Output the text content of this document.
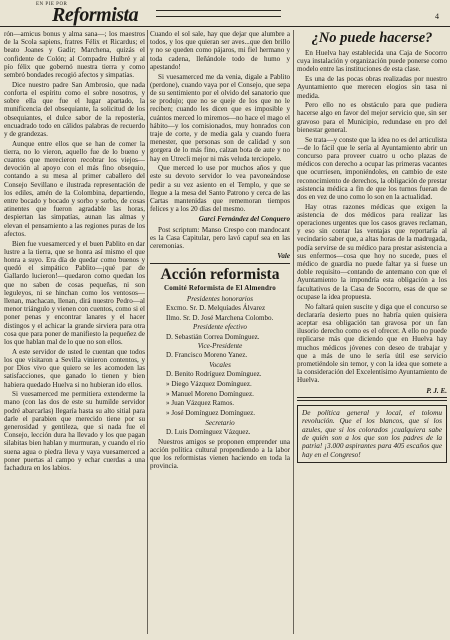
EN PIE POR
Reformista	4

rón—amicus bonus y alma sana—; los maestros de la Scola sapiens, fratres Félix et Ricardus; el beato Joanes y Gadir; Marchena, quizás el confidente de Colón; al Compadre Hulbré y al pío félix que gobernó nuestra tierra y como sembró bondades recogió afectos y simpatías.

Dice nuestro padre San Ambrosio, que nada conforta el espíritu como el sobre nosotros, y sobre ella que fue el lugar apartado, la munificencia del obsequiante, la solicitud de los obsequiantes, el dulce sabor de la repostería, encuadrado todo en cálidos palabras de recuerdo y de grandezas.

Aunque entre ellos que se han de comer la tierra, no lo vieron, aquello fue de lo bueno y cuantos que merecieron recobrar los viejos—devoción al apoyo con el más fino obsequio, contando a su mesa al primer caballero del Consejo Sevillano e ilustrada representación de los ediles, amén de la Colombina, departiendo, entre bocado y bocado y sorbo y sorbo, de cosas atinentes que fueron agradable las horas, despiertan las simpatías, aunan las almas y elevan el pensamiento a las regiones puras de los afectos.

Bien fue vuesamerced y el buen Pablito en dar lustre a la tierra, que se honra así mismo el que honra a suyo. Era día de quedar como buenos y quedó el simpático Pablito—¡qué par de Gallardo lucieron!—quedaron como quedan los que no saben de cosas pequeñas, ni son leguleyos, ni se hinchan como los ventosos—llenan, machacan, llenan, dirá nuestro Pedro—al menor triángulo y vienen con cuentos, como si el poner penas y encontrar lanares y el hacer distingos y el achicar la grande sirviera para otra cosa que para poner de manifiesto la pequeñez de los que hablan mal de lo que no son ellos.

A este servidor de usted le cuentan que todos los que visitaron a Sevilla vinieron contentos, y por Dios vivo que quiero se les acomoden las satisfacciones, que ganado lo tienen y bien habiera quedado Huelva si no hubieran ido ellos.

Si vuesamerced me permitiera extenderme la mano (con las dos de este su humilde servidor podré abarcarlas) llegaría hasta su alto sitial para darle el parabien que merecido tiene por su generosidad y gentileza, que si nada fue el Consejo, lección dura ha llevado y los que pagan silabitas bien hablan y murmuran, y cuando el río suena agua o piedra lleva y vaya vuesamerced a poner puertas al campo y echar cuerdas a una fachadura en los labios.

Cuando el sol sale, hay que dejar que alumbre a todos, y los que quieran ser aves...que den brillo y no se queden como pájaros, mi fiel hermano y toda cadena, lleñándole todo de humo y apestando!

Si vuesamerced me da venia, digale a Pablito (perdone), cuando vaya por el Consejo, que sepa de su sentimiento por el olvido del sanatorio que se produjo; que no se queje de los que no le reciben; cuando les dicen que es imposible y cuántos merced lo miremos—no hace el mago el hábito—y los comisionados, muy honrados con traje de corte, y de media gala y cuando fuera menester, que personas son de calidad y son gorgera de lo más fino, calzan bota de aute y no hay en Utrecli mejor ni más veluda terciopelo.

Que merced lo use por muchos años y que este su devoto servidor lo vea pavoneándose pedir a su vez asiento en el Templo, y que se llegue a la mesa del Santo Patrono y cerca de las Cartas mantenidas que rememoran tiempos felices y a los 20 días del mesmo.

Garci Fernández del Conquero

Post scriptum: Manso Crespo con mandocant es la Casa Capitular, pero lavó capuf sea en las ceremonias.

Vale
Acción reformista
Comité Reformista de El Almendro
Presidentes honorarios

Excmo. Sr. D. Melquíades Álvarez

Ilmo. Sr. D. José Marchena Colombo.

Presidente efectivo

D. Sebastián Correa Domínguez.

Vice-Presidente

D. Francisco Moreno Yanez.

Vocales

D. Benito Rodríguez Domínguez.

» Diego Vázquez Domínguez.

» Manuel Moreno Domínguez.

» Juan Vázquez Ramos.

» José Domínguez Domínguez.

Secretario

D. Luis Domínguez Vázquez.

Nuestros amigos se proponen emprender una acción política cultural propendiendo a la labor que los reformistas vienen haciendo en toda la provincia.

¿No puede hacerse?

En Huelva hay establecida una Caja de Socorro cuya instalación y organización puede ponerse como modelo entre las instituciones de esta clase.

Es una de las pocas obras realizadas por nuestro Ayuntamiento que merecen elogios sin tasa ni medida.

Pero ello no es obstáculo para que pudiera hacerse algo en favor del mejor servicio que, sin ser gravoso para el Municipio, redundase en pro del bienestar general.

Se trata—y conste que la idea no es del articulista—de lo fácil que le sería al Ayuntamiento abrir un concurso para proveer cuatro u ocho plazas de médicos con derecho a ocupar las primeras vacantes que ocurriesen, imponiéndoles, en cambio de este reconocimiento de derechos, la obligación de prestar asistencia médica a fin de que los turnos fueran de dos en vez de uno como lo son en la actualidad.

Hay otras razones médicas que exigen la asistencia de dos médicos para realizar las operaciones urgentes que los casos graves reclaman, y eso sin contar las ventajas que reportaría al vecindario saber que, a altas horas de la madrugada, podía servirse de su médico para prestar asistencia a sus enfermos—cosa que hoy no sucede, pues el médico de guardia no puede faltar ya si fuese un doble requisito—contando de antemano con que el Ayuntamiento la impondría esta obligación a los facultativos de la Casa de Socorro, esas de que se ocupase la idea propuesta.

No faltará quien suscite y diga que el concurso se declararía desierto pues no habría quien quisiera aceptar esa obligación tan gravosa por un fan ilusorio derecho como es el ofrecer. A ello no puede replicarse más que diciendo que en Huelva hay muchos médicos jóvenes con deseo de trabajar y que a más de uno le sería útil ese servicio prometiéndole sin temor, y con la idea que somete a la consideración del Excelentísimo Ayuntamiento de Huelva.

P. J. E.
De política general y local, el tolomu revolución. Que el los blancos, que si los azules, que si los colorados ¡cualquiera sabe de quién son a los que son los padres de la patria! ¡3.000 aspirantes para 405 escaños que hay en el Congreso!
